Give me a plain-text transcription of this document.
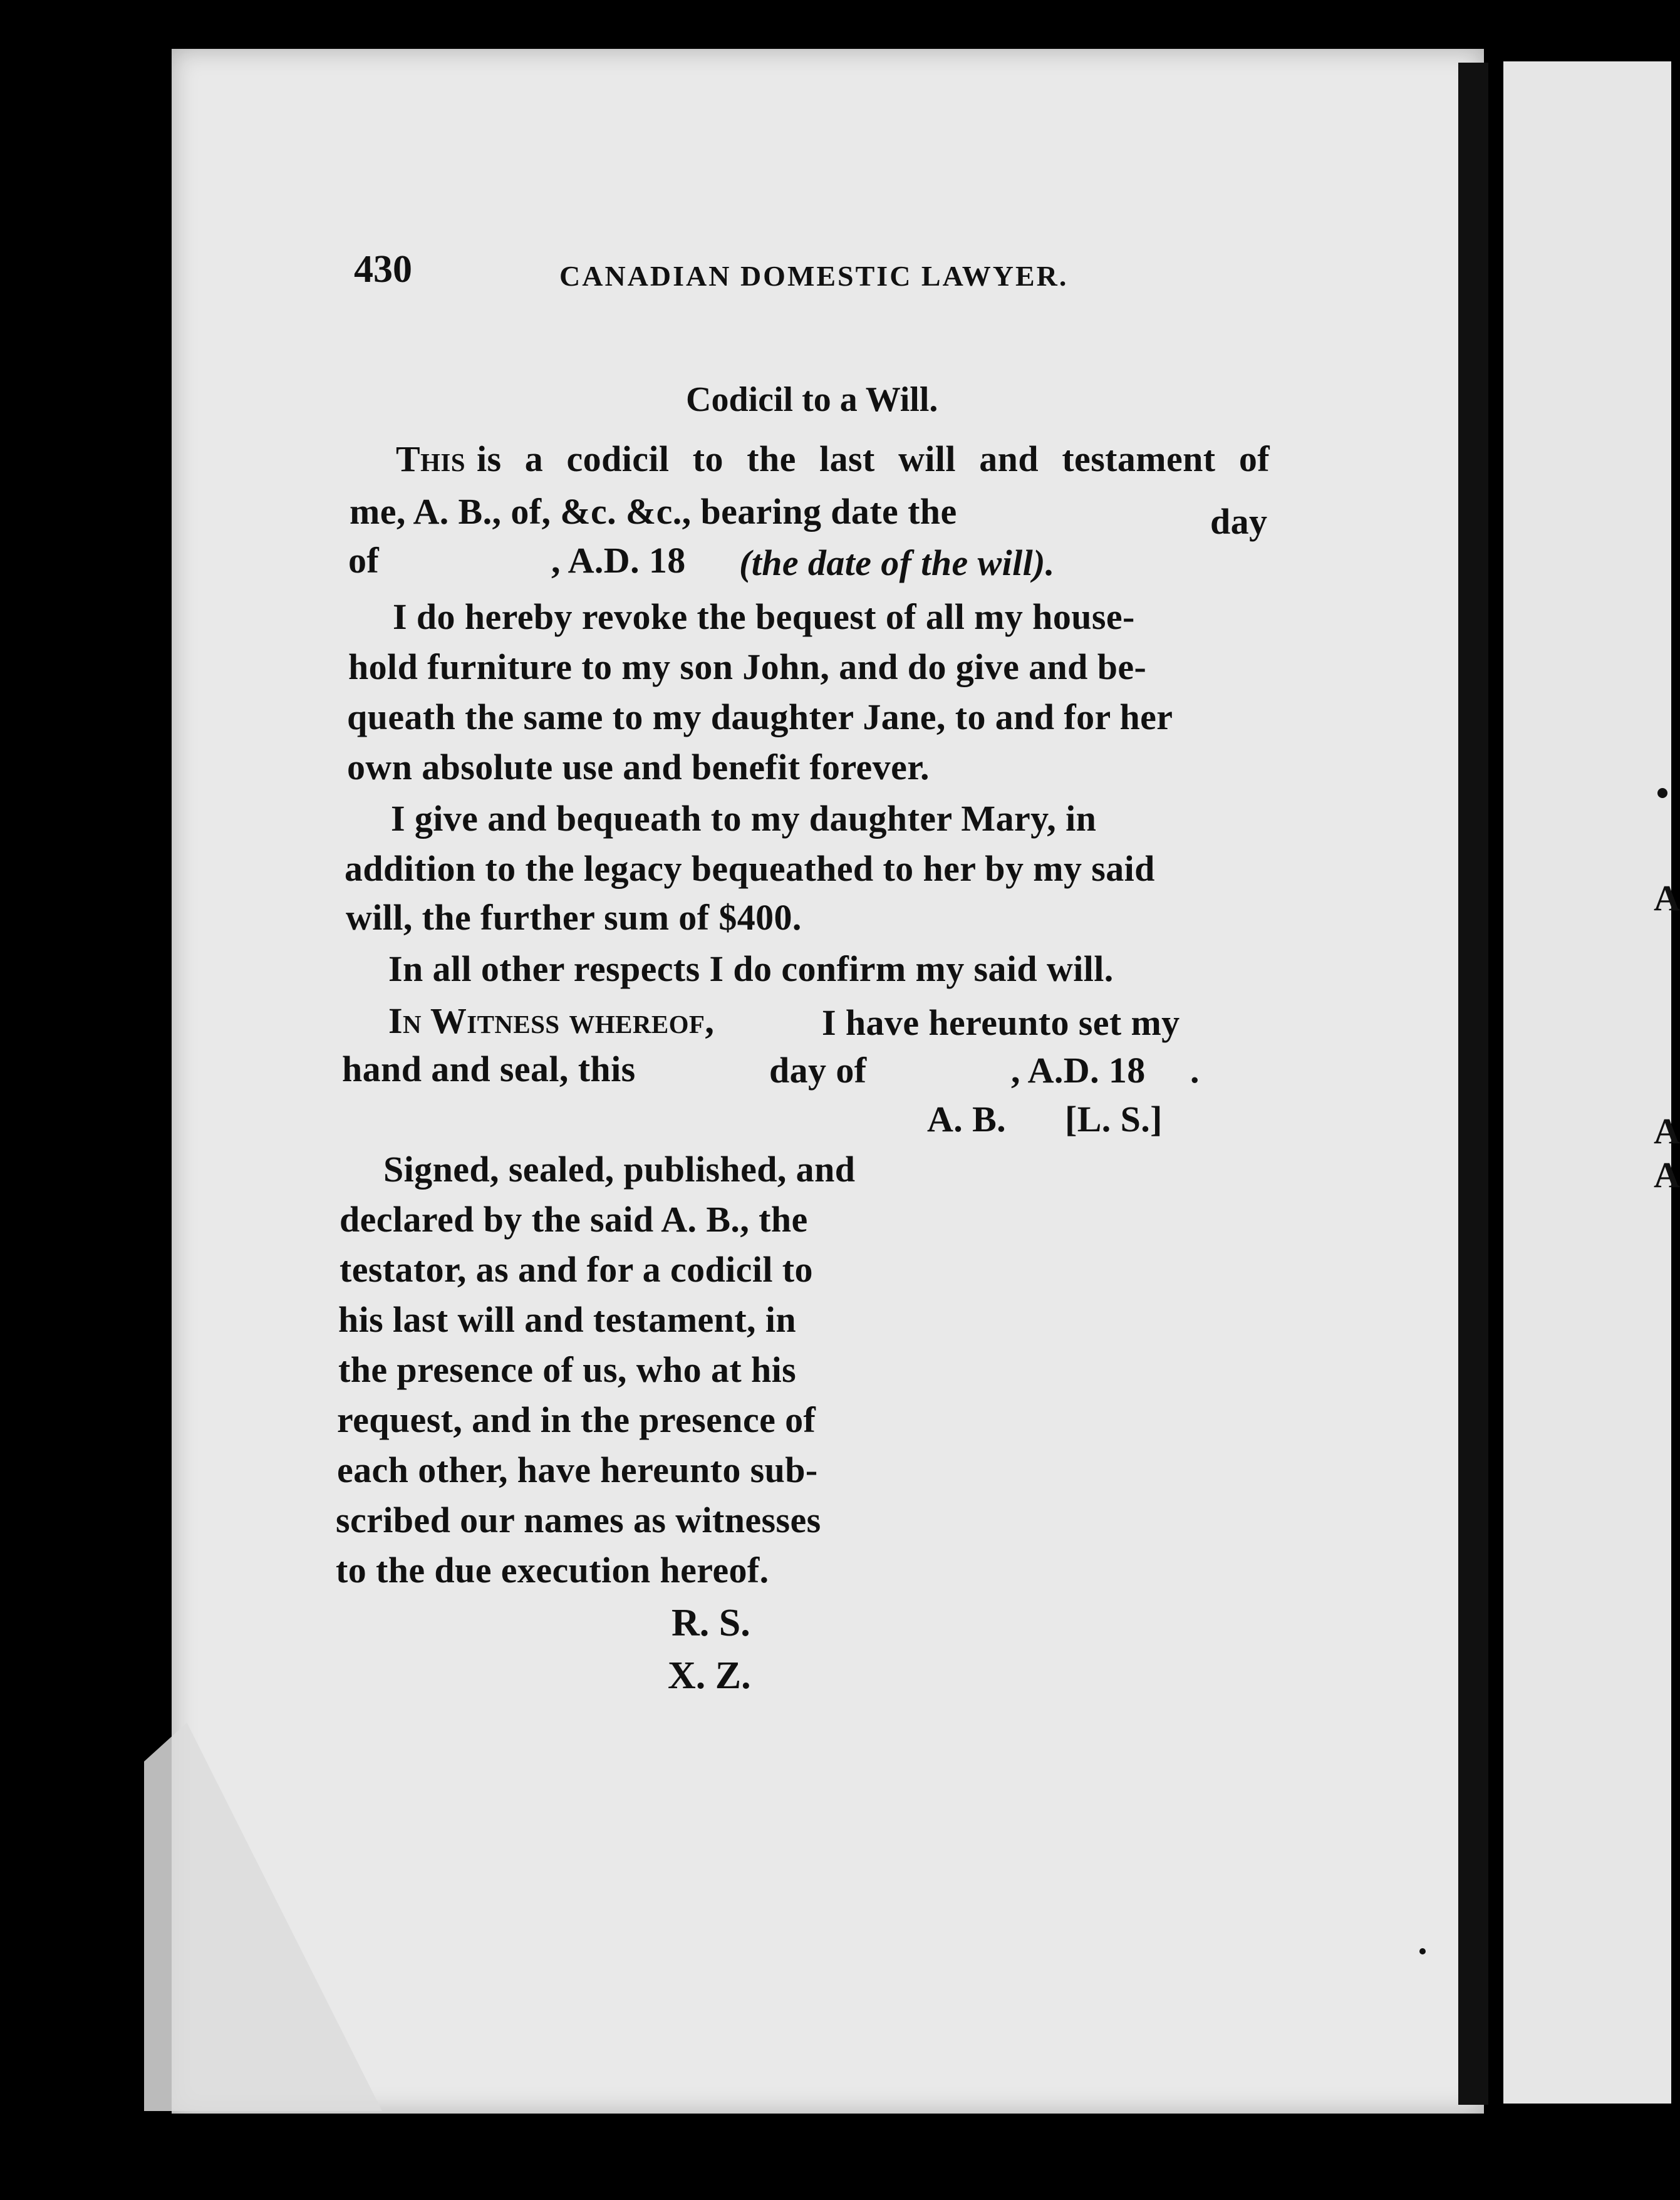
430	CANADIAN DOMESTIC LAWYER.
Codicil to a Will.
This is a codicil to the last will and testament of
me, A. B., of, &c. &c., bearing date the	day
of	, A.D. 18 (the date of the will).
I do hereby revoke the bequest of all my house-
hold furniture to my son John, and do give and be-
queath the same to my daughter Jane, to and for her
own absolute use and benefit forever.
I give and bequeath to my daughter Mary, in
addition to the legacy bequeathed to her by my said
will, the further sum of $400.
In all other respects I do confirm my said will.
In Witness whereof,	I have hereunto set my
hand and seal, this	day of	, A.D. 18 .
A. B. [L. S.]
Signed, sealed, published, and
declared by the said A. B., the
testator, as and for a codicil to
his last will and testament, in
the presence of us, who at his
request, and in the presence of
each other, have hereunto sub-
scribed our names as witnesses
to the due execution hereof.
R. S.
X. Z.
A
A
A
